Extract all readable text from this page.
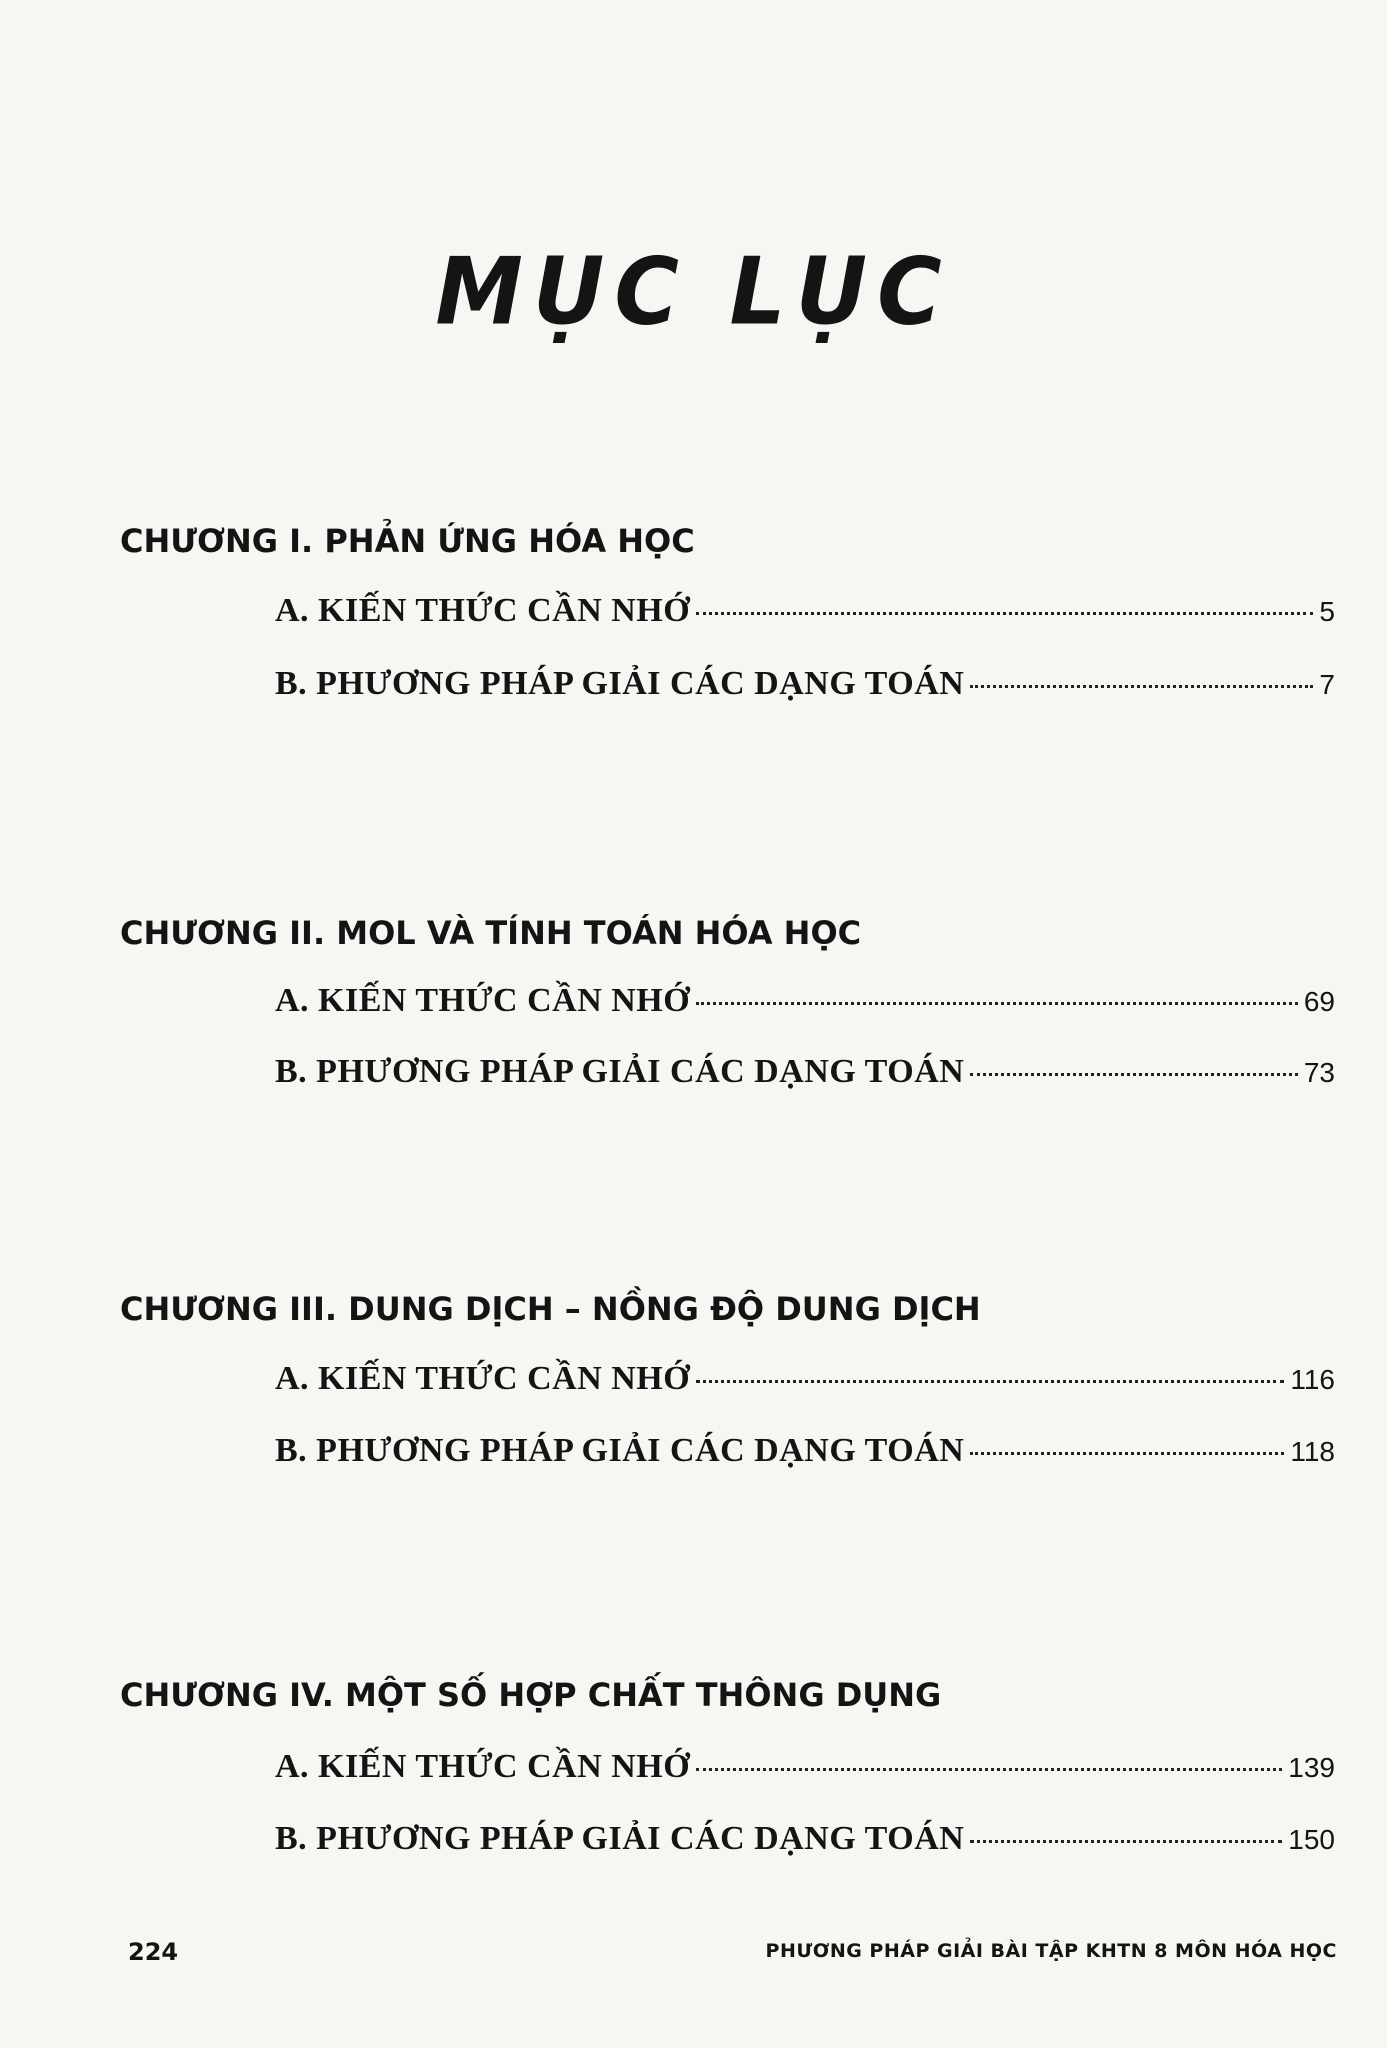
MỤC LỤC
CHƯƠNG I. PHẢN ỨNG HÓA HỌC
A. KIẾN THỨC CẦN NHỚ	5
B. PHƯƠNG PHÁP GIẢI CÁC DẠNG TOÁN	7
CHƯƠNG II. MOL VÀ TÍNH TOÁN HÓA HỌC
A. KIẾN THỨC CẦN NHỚ	69
B. PHƯƠNG PHÁP GIẢI CÁC DẠNG TOÁN	73
CHƯƠNG III. DUNG DỊCH – NỒNG ĐỘ DUNG DỊCH
A. KIẾN THỨC CẦN NHỚ	116
B. PHƯƠNG PHÁP GIẢI CÁC DẠNG TOÁN	118
CHƯƠNG IV. MỘT SỐ HỢP CHẤT THÔNG DỤNG
A. KIẾN THỨC CẦN NHỚ	139
B. PHƯƠNG PHÁP GIẢI CÁC DẠNG TOÁN	150
224	PHƯƠNG PHÁP GIẢI BÀI TẬP KHTN 8 MÔN HÓA HỌC
